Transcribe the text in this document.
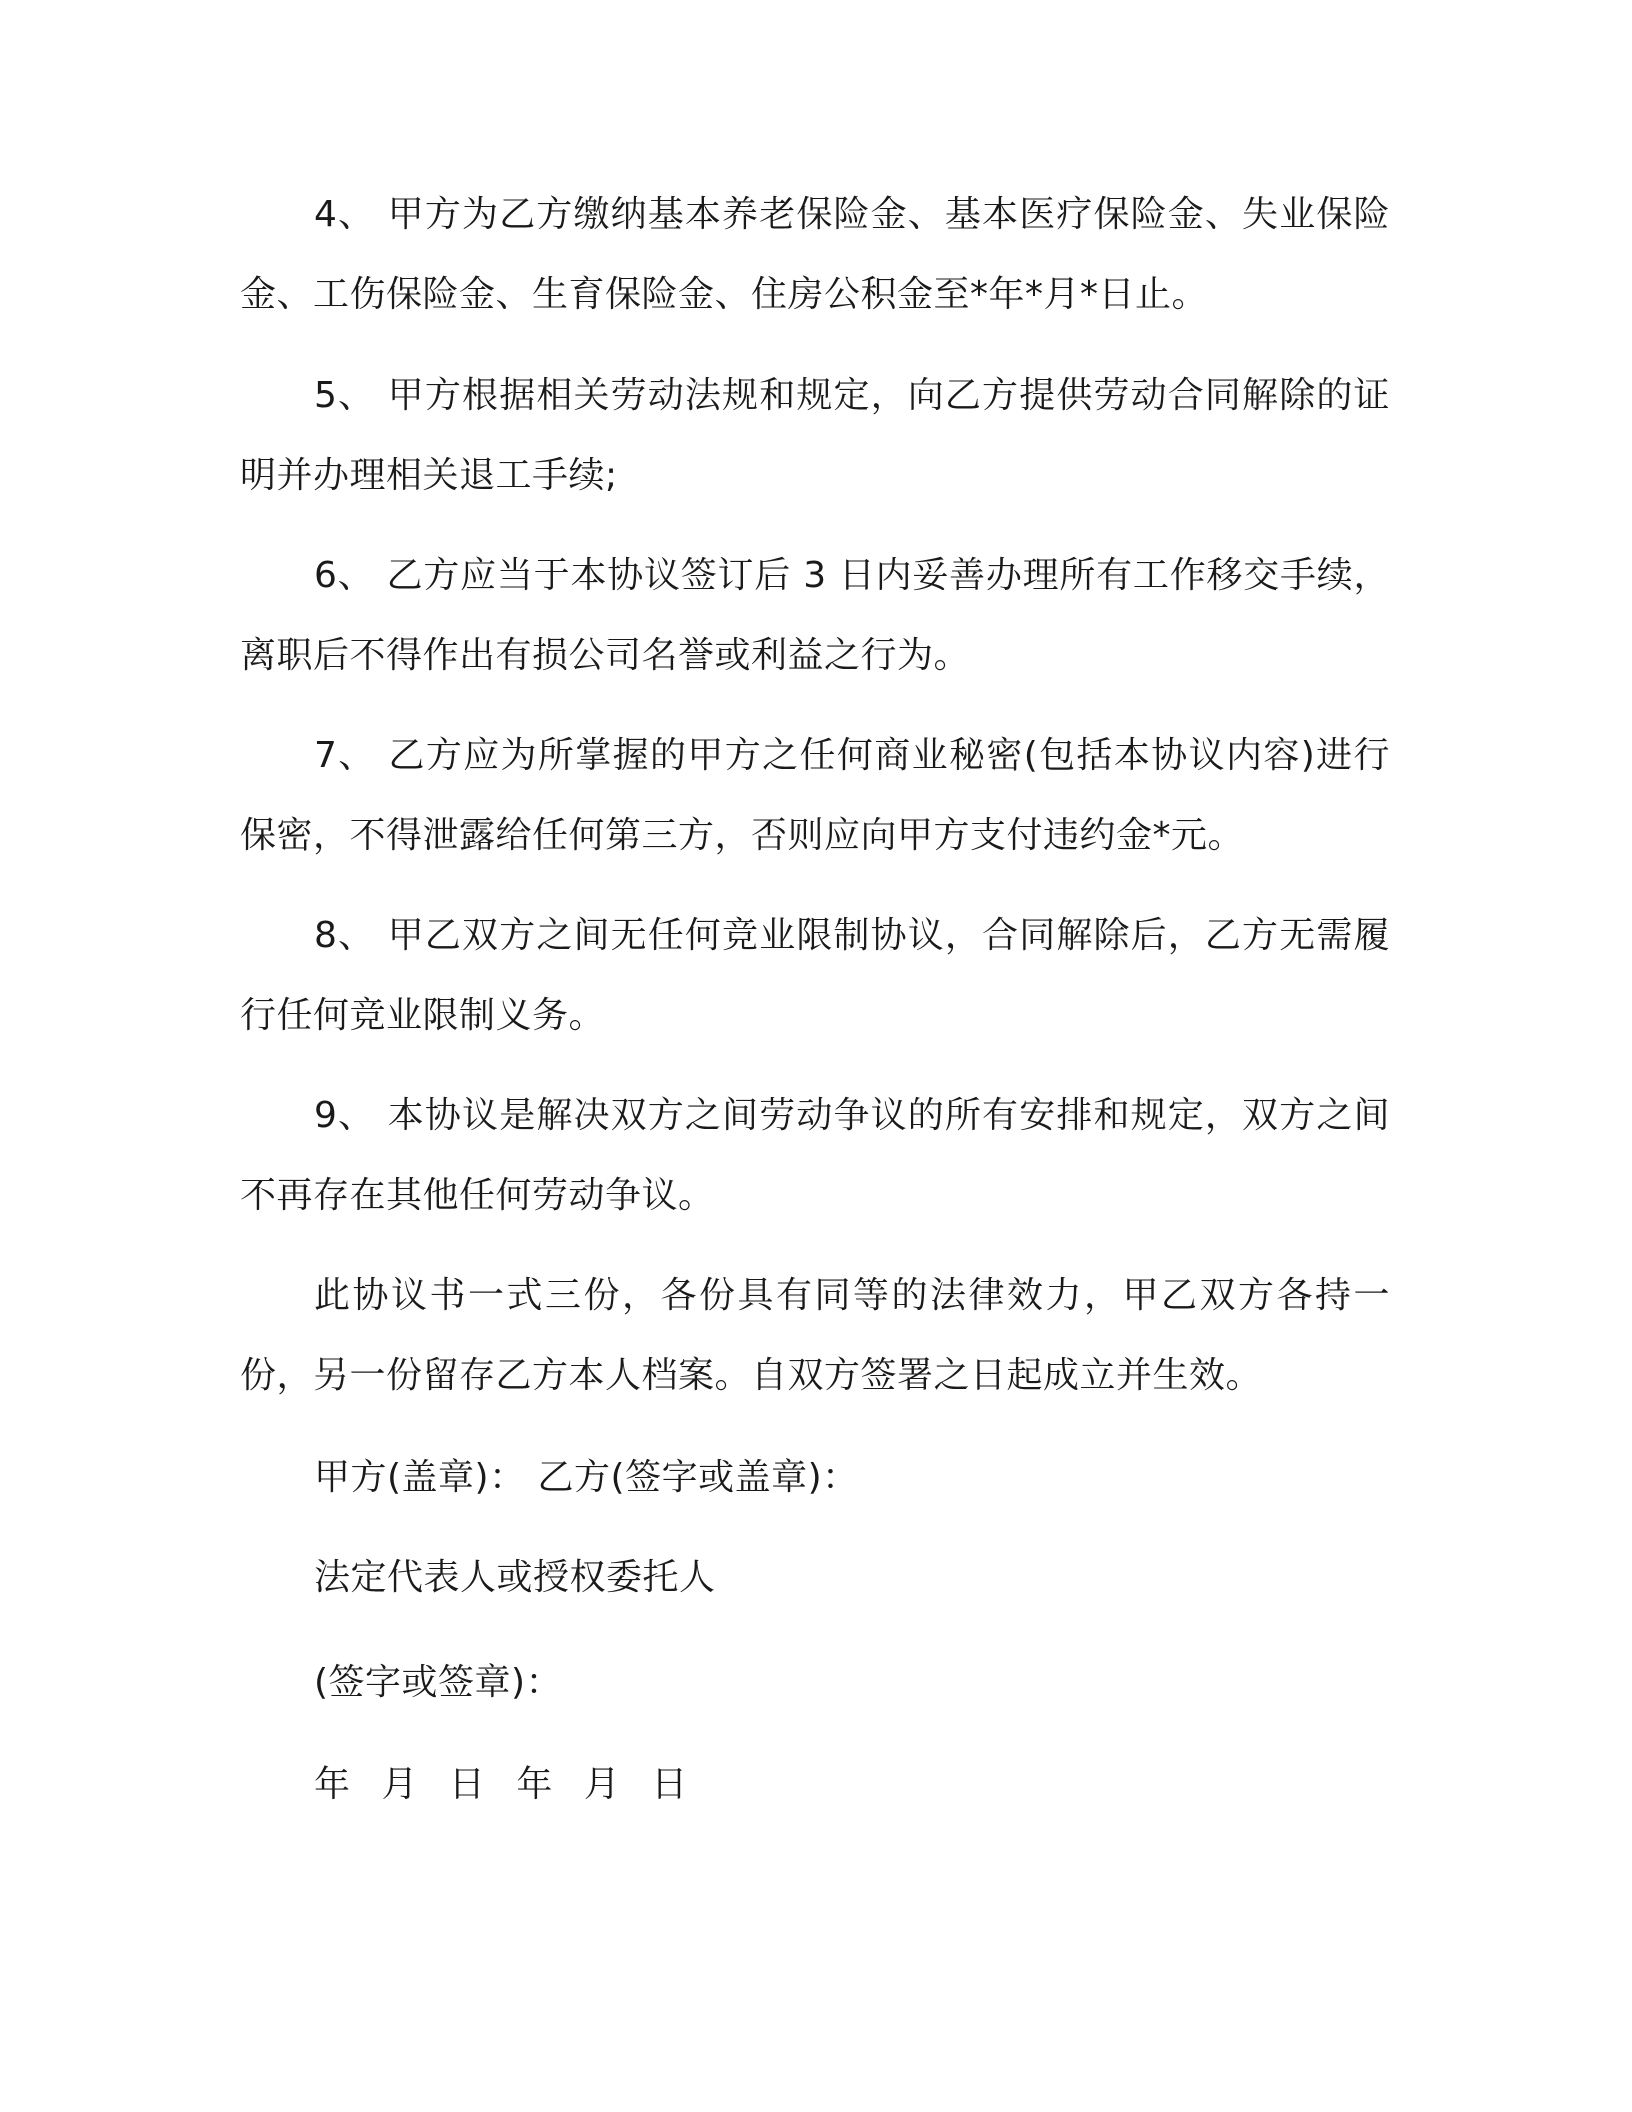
4、 甲方为乙方缴纳基本养老保险金、基本医疗保险金、失业保险金、工伤保险金、生育保险金、住房公积金至*年*月*日止。

5、 甲方根据相关劳动法规和规定，向乙方提供劳动合同解除的证明并办理相关退工手续;

6、 乙方应当于本协议签订后 3 日内妥善办理所有工作移交手续，离职后不得作出有损公司名誉或利益之行为。

7、 乙方应为所掌握的甲方之任何商业秘密(包括本协议内容)进行保密，不得泄露给任何第三方，否则应向甲方支付违约金*元。

8、 甲乙双方之间无任何竞业限制协议，合同解除后，乙方无需履行任何竞业限制义务。

9、 本协议是解决双方之间劳动争议的所有安排和规定，双方之间不再存在其他任何劳动争议。

此协议书一式三份，各份具有同等的法律效力，甲乙双方各持一份，另一份留存乙方本人档案。自双方签署之日起成立并生效。

甲方(盖章)： 乙方(签字或盖章)：

法定代表人或授权委托人

(签字或签章)：

年 月 日 年 月 日
